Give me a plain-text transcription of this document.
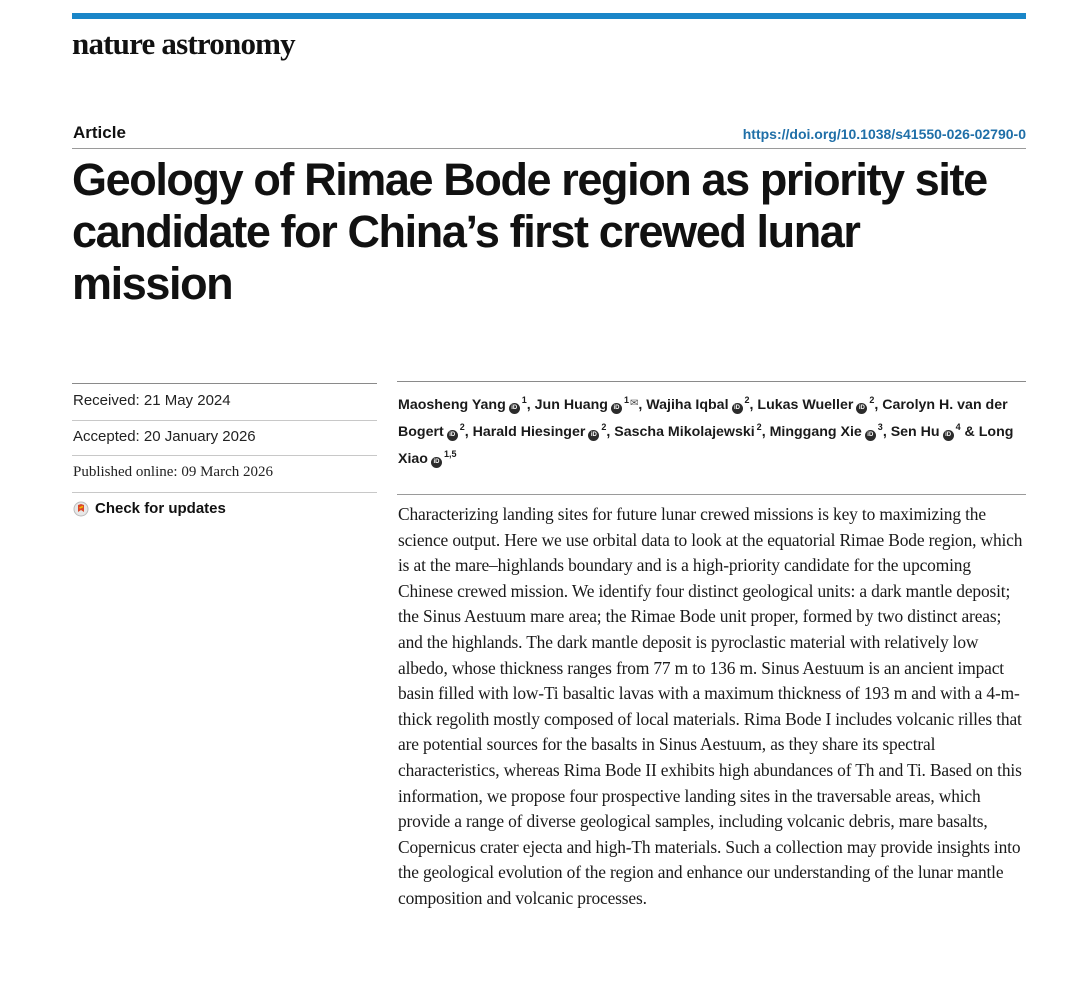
nature astronomy
Article	https://doi.org/10.1038/s41550-026-02790-0
Geology of Rimae Bode region as priority site candidate for China’s first crewed lunar mission
Received: 21 May 2024
Accepted: 20 January 2026
Published online: 09 March 2026
Check for updates
Maosheng Yang iD$^1$, Jun Huang iD$^{1✉}$, Wajiha Iqbal iD$^2$, Lukas Wueller iD$^2$, Carolyn H. van der Bogert iD$^2$, Harald Hiesinger iD$^2$, Sascha Mikolajewski $^2$, Minggang Xie iD$^3$, Sen Hu iD$^4$ & Long Xiao iD$^{1,5}$

Characterizing landing sites for future lunar crewed missions is key to maximizing the science output. Here we use orbital data to look at the equatorial Rimae Bode region, which is at the mare–highlands boundary and is a high-priority candidate for the upcoming Chinese crewed mission. We identify four distinct geological units: a dark mantle deposit; the Sinus Aestuum mare area; the Rimae Bode unit proper, formed by two distinct areas; and the highlands. The dark mantle deposit is pyroclastic material with relatively low albedo, whose thickness ranges from 77 m to 136 m. Sinus Aestuum is an ancient impact basin filled with low-Ti basaltic lavas with a maximum thickness of 193 m and with a 4-m-thick regolith mostly composed of local materials. Rima Bode I includes volcanic rilles that are potential sources for the basalts in Sinus Aestuum, as they share its spectral characteristics, whereas Rima Bode II exhibits high abundances of Th and Ti. Based on this information, we propose four prospective landing sites in the traversable areas, which provide a range of diverse geological samples, including volcanic debris, mare basalts, Copernicus crater ejecta and high-Th materials. Such a collection may provide insights into the geological evolution of the region and enhance our understanding of the lunar mantle composition and volcanic processes.
